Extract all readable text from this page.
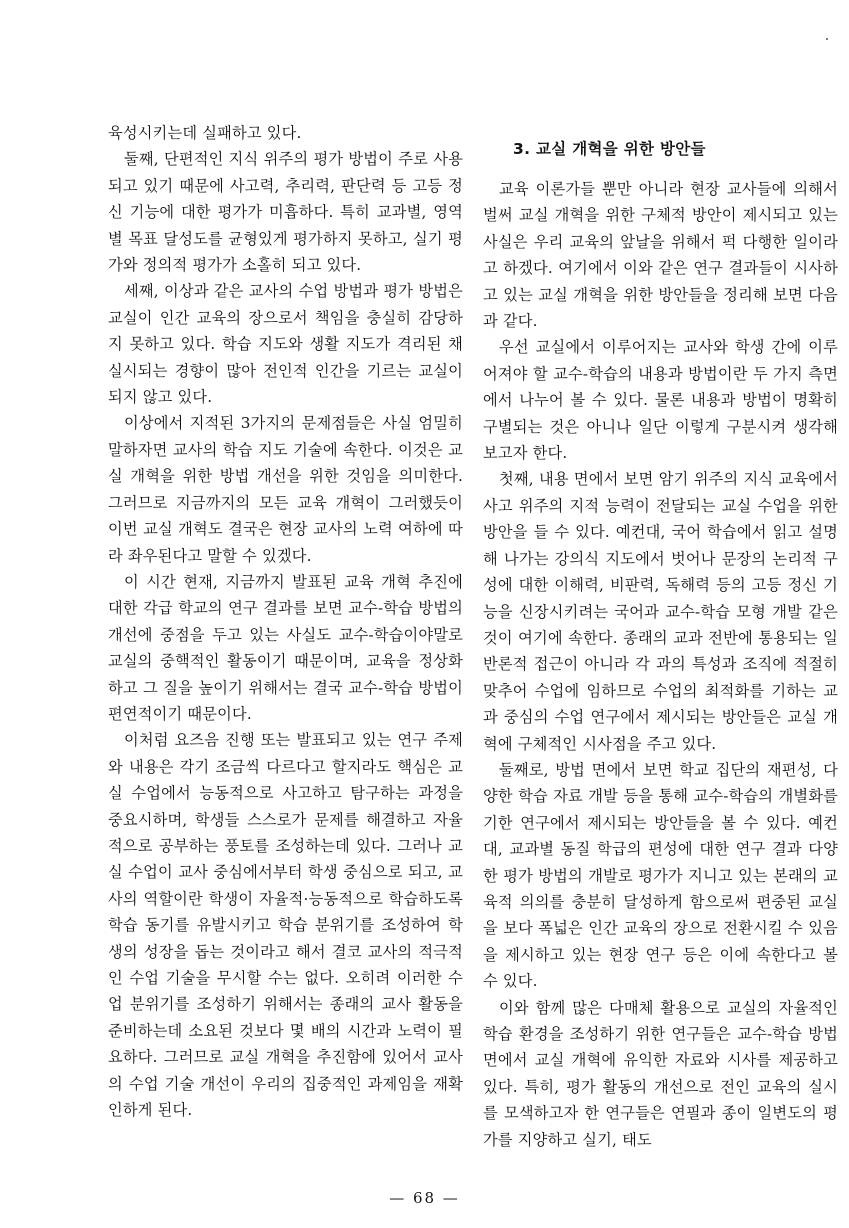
육성시키는데 실패하고 있다.

둘째, 단편적인 지식 위주의 평가 방법이 주로 사용되고 있기 때문에 사고력, 추리력, 판단력 등 고등 정신 기능에 대한 평가가 미흡하다. 특히 교과별, 영역별 목표 달성도를 균형있게 평가하지 못하고, 실기 평가와 정의적 평가가 소홀히 되고 있다.

세째, 이상과 같은 교사의 수업 방법과 평가 방법은 교실이 인간 교육의 장으로서 책임을 충실히 감당하지 못하고 있다. 학습 지도와 생활 지도가 격리된 채 실시되는 경향이 많아 전인적 인간을 기르는 교실이 되지 않고 있다.

이상에서 지적된 3가지의 문제점들은 사실 엄밀히 말하자면 교사의 학습 지도 기술에 속한다. 이것은 교실 개혁을 위한 방법 개선을 위한 것임을 의미한다. 그러므로 지금까지의 모든 교육 개혁이 그러했듯이 이번 교실 개혁도 결국은 현장 교사의 노력 여하에 따라 좌우된다고 말할 수 있겠다.

이 시간 현재, 지금까지 발표된 교육 개혁 추진에 대한 각급 학교의 연구 결과를 보면 교수-학습 방법의 개선에 중점을 두고 있는 사실도 교수-학습이야말로 교실의 중핵적인 활동이기 때문이며, 교육을 정상화하고 그 질을 높이기 위해서는 결국 교수-학습 방법이 편연적이기 때문이다.

이처럼 요즈음 진행 또는 발표되고 있는 연구 주제와 내용은 각기 조금씩 다르다고 할지라도 핵심은 교실 수업에서 능동적으로 사고하고 탐구하는 과정을 중요시하며, 학생들 스스로가 문제를 해결하고 자율적으로 공부하는 풍토를 조성하는데 있다. 그러나 교실 수업이 교사 중심에서부터 학생 중심으로 되고, 교사의 역할이란 학생이 자율적·능동적으로 학습하도록 학습 동기를 유발시키고 학습 분위기를 조성하여 학생의 성장을 돕는 것이라고 해서 결코 교사의 적극적인 수업 기술을 무시할 수는 없다. 오히려 이러한 수업 분위기를 조성하기 위해서는 종래의 교사 활동을 준비하는데 소요된 것보다 몇 배의 시간과 노력이 필요하다. 그러므로 교실 개혁을 추진함에 있어서 교사의 수업 기술 개선이 우리의 집중적인 과제임을 재확인하게 된다.

3. 교실 개혁을 위한 방안들

교육 이론가들 뿐만 아니라 현장 교사들에 의해서 벌써 교실 개혁을 위한 구체적 방안이 제시되고 있는 사실은 우리 교육의 앞날을 위해서 퍽 다행한 일이라고 하겠다. 여기에서 이와 같은 연구 결과들이 시사하고 있는 교실 개혁을 위한 방안들을 정리해 보면 다음과 같다.

우선 교실에서 이루어지는 교사와 학생 간에 이루어져야 할 교수-학습의 내용과 방법이란 두 가지 측면에서 나누어 볼 수 있다. 물론 내용과 방법이 명확히 구별되는 것은 아니나 일단 이렇게 구분시켜 생각해 보고자 한다.

첫째, 내용 면에서 보면 암기 위주의 지식 교육에서 사고 위주의 지적 능력이 전달되는 교실 수업을 위한 방안을 들 수 있다. 예컨대, 국어 학습에서 읽고 설명해 나가는 강의식 지도에서 벗어나 문장의 논리적 구성에 대한 이해력, 비판력, 독해력 등의 고등 정신 기능을 신장시키려는 국어과 교수-학습 모형 개발 같은 것이 여기에 속한다. 종래의 교과 전반에 통용되는 일반론적 접근이 아니라 각 과의 특성과 조직에 적절히 맞추어 수업에 임하므로 수업의 최적화를 기하는 교과 중심의 수업 연구에서 제시되는 방안들은 교실 개혁에 구체적인 시사점을 주고 있다.

둘째로, 방법 면에서 보면 학교 집단의 재편성, 다양한 학습 자료 개발 등을 통해 교수-학습의 개별화를 기한 연구에서 제시되는 방안들을 볼 수 있다. 예컨대, 교과별 동질 학급의 편성에 대한 연구 결과 다양한 평가 방법의 개발로 평가가 지니고 있는 본래의 교육적 의의를 충분히 달성하게 함으로써 편중된 교실을 보다 폭넓은 인간 교육의 장으로 전환시킬 수 있음을 제시하고 있는 현장 연구 등은 이에 속한다고 볼 수 있다.

이와 함께 많은 다매체 활용으로 교실의 자율적인 학습 환경을 조성하기 위한 연구들은 교수-학습 방법 면에서 교실 개혁에 유익한 자료와 시사를 제공하고 있다. 특히, 평가 활동의 개선으로 전인 교육의 실시를 모색하고자 한 연구들은 연필과 종이 일변도의 평가를 지양하고 실기, 태도

— 68 —
